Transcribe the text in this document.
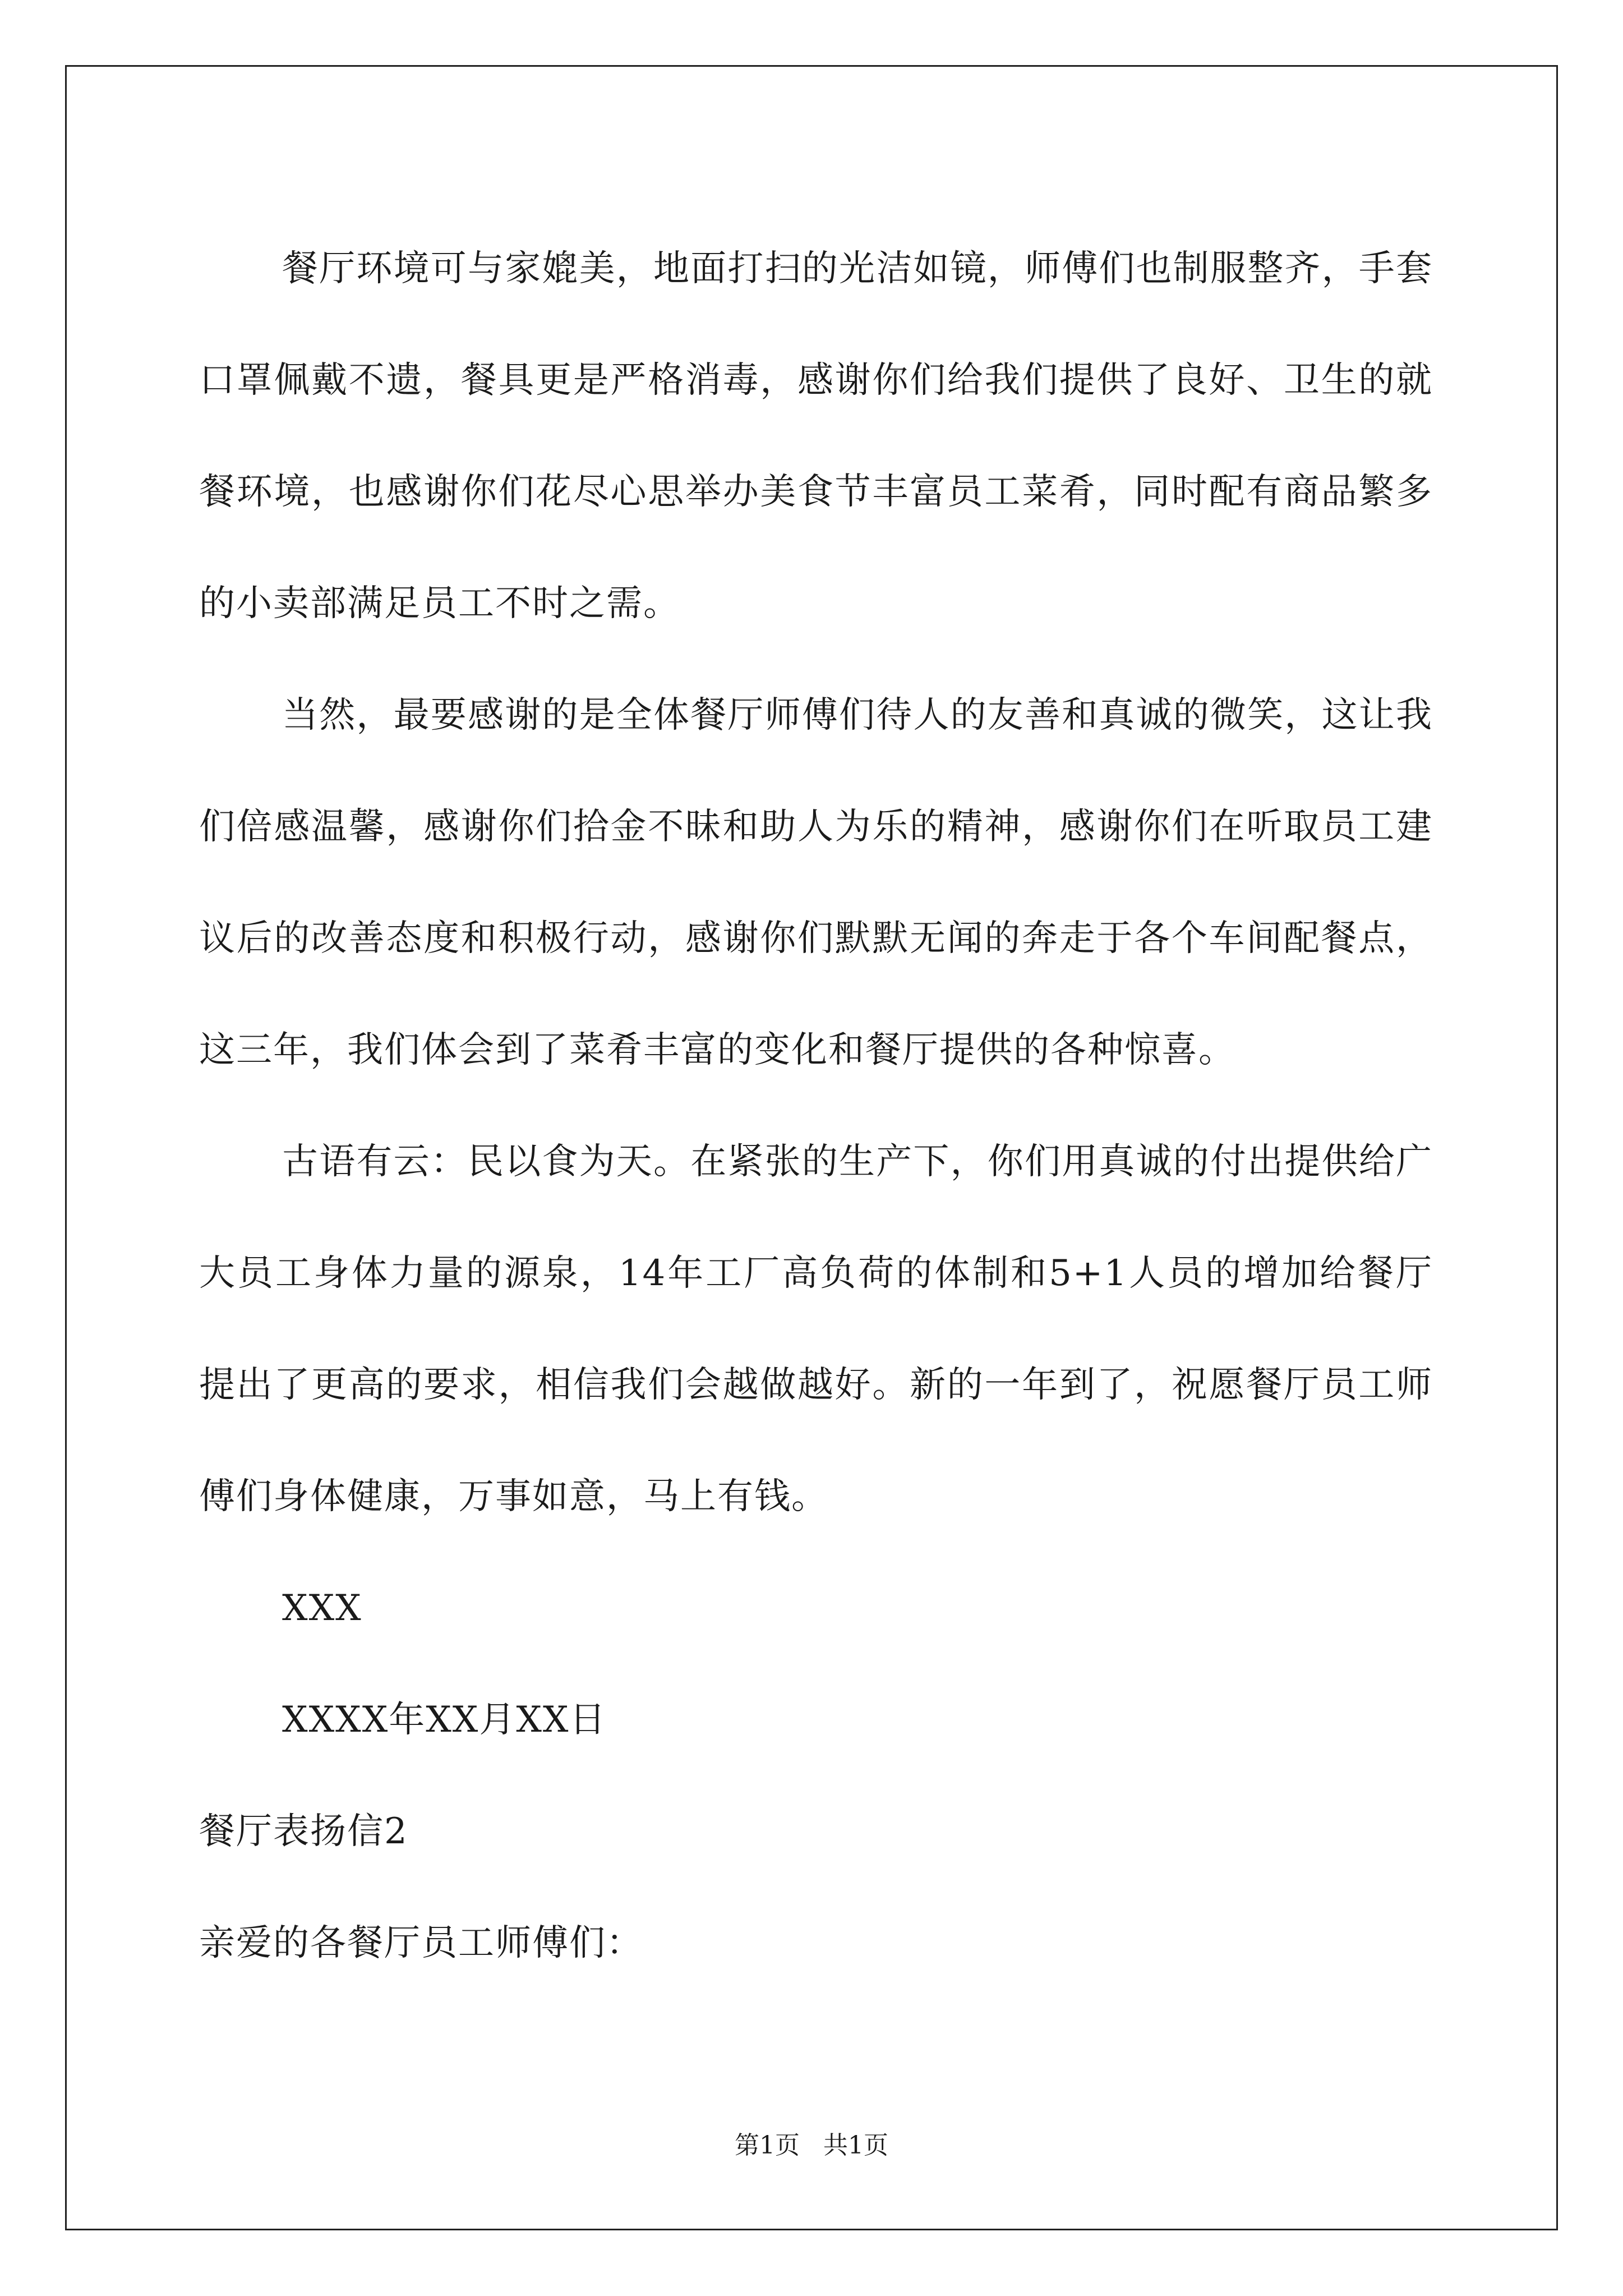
餐厅环境可与家媲美，地面打扫的光洁如镜，师傅们也制服整齐，手套口罩佩戴不遗，餐具更是严格消毒，感谢你们给我们提供了良好、卫生的就餐环境，也感谢你们花尽心思举办美食节丰富员工菜肴，同时配有商品繁多的小卖部满足员工不时之需。

当然，最要感谢的是全体餐厅师傅们待人的友善和真诚的微笑，这让我们倍感温馨，感谢你们拾金不昧和助人为乐的精神，感谢你们在听取员工建议后的改善态度和积极行动，感谢你们默默无闻的奔走于各个车间配餐点，这三年，我们体会到了菜肴丰富的变化和餐厅提供的各种惊喜。

古语有云：民以食为天。在紧张的生产下，你们用真诚的付出提供给广大员工身体力量的源泉，14年工厂高负荷的体制和5+1人员的增加给餐厅提出了更高的要求，相信我们会越做越好。新的一年到了，祝愿餐厅员工师傅们身体健康，万事如意，马上有钱。

XXX
XXXX年XX月XX日
餐厅表扬信2
亲爱的各餐厅员工师傅们：
第1页   共1页
